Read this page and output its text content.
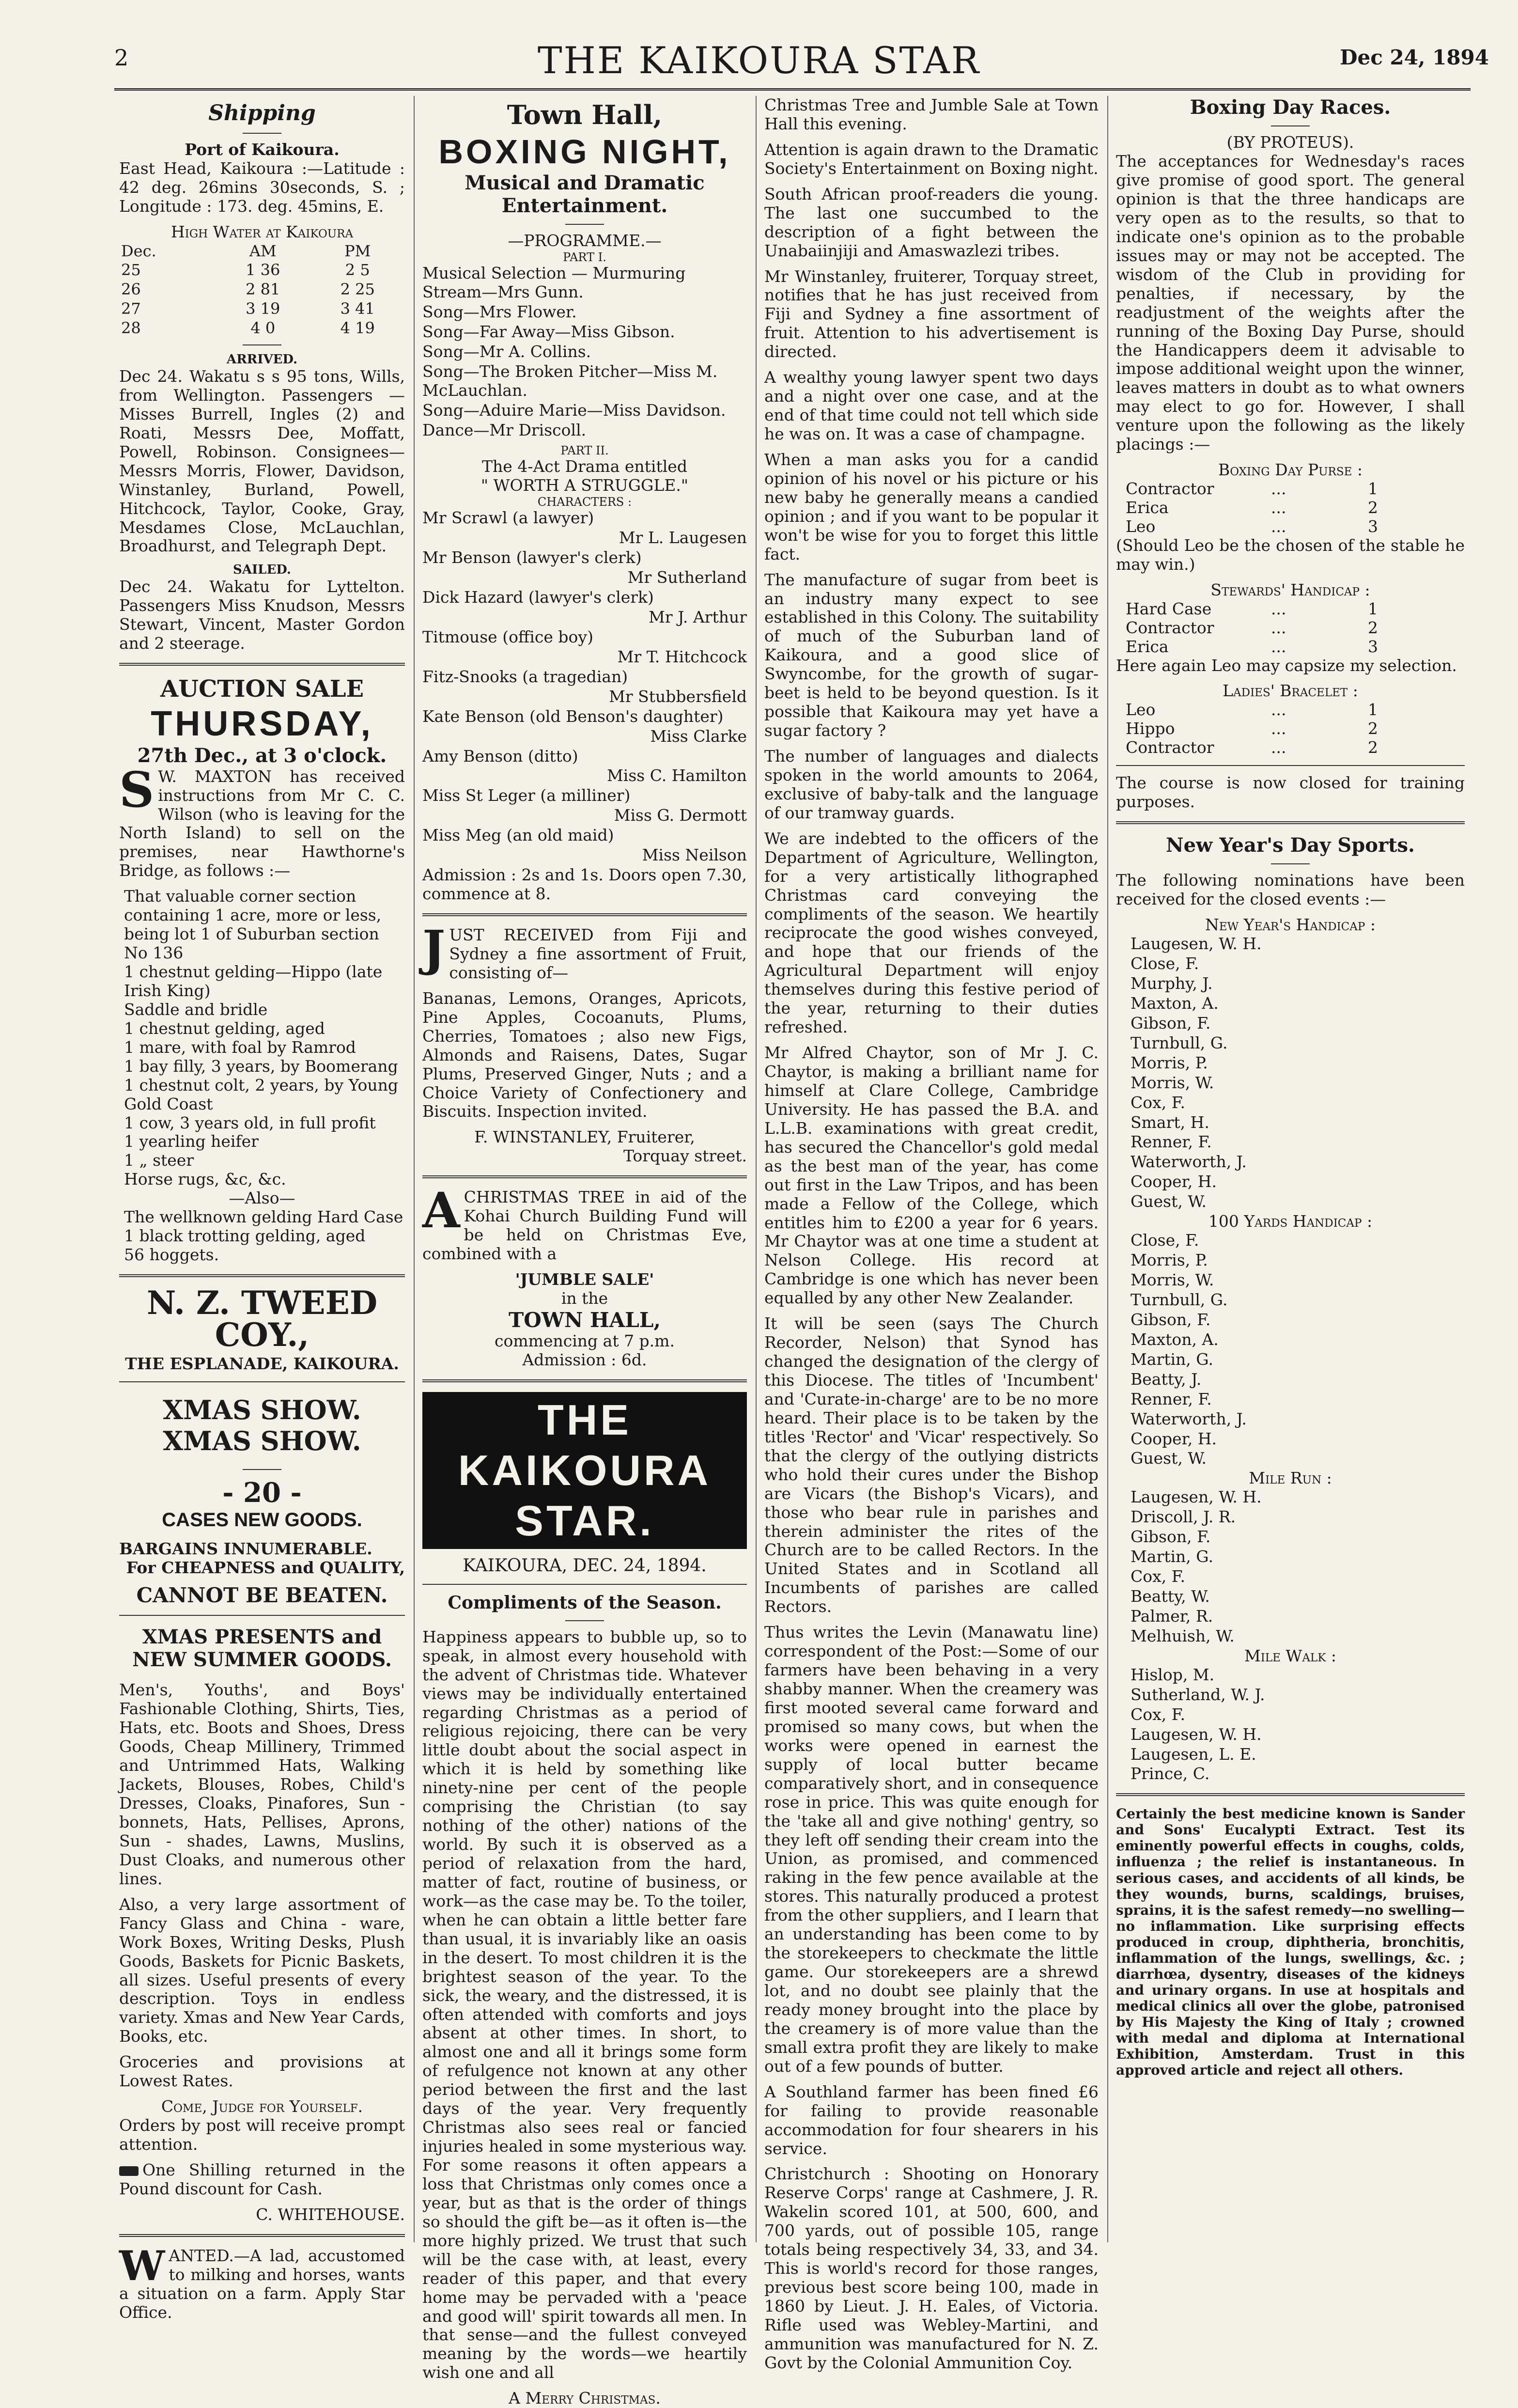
2	THE KAIKOURA STAR	Dec 24, 1894
Shipping
Port of Kaikoura.

East Head, Kaikoura :—Latitude : 42 deg. 26mins 30seconds, S. ; Longitude : 173. deg. 45mins, E.

High Water at Kaikoura
Dec.	AM	PM
25	1 36	2 5
26	2 81	2 25
27	3 19	3 41
28	4 0	4 19
ARRIVED.

Dec 24. Wakatu s s 95 tons, Wills, from Wellington. Passengers — Misses Burrell, Ingles (2) and Roati, Messrs Dee, Moffatt, Powell, Robinson. Consignees—Messrs Morris, Flower, Davidson, Winstanley, Burland, Powell, Hitchcock, Taylor, Cooke, Gray, Mesdames Close, McLauchlan, Broadhurst, and Telegraph Dept.

SAILED.

Dec 24. Wakatu for Lyttelton. Passengers Miss Knudson, Messrs Stewart, Vincent, Master Gordon and 2 steerage.

AUCTION SALE
THURSDAY,
27th Dec., at 3 o'clock.

S W. MAXTON has received instructions from Mr C. C. Wilson (who is leaving for the North Island) to sell on the premises, near Hawthorne's Bridge, as follows :—

That valuable corner section containing 1 acre, more or less, being lot 1 of Suburban section No 136
1 chestnut gelding—Hippo (late Irish King)
Saddle and bridle
1 chestnut gelding, aged
1 mare, with foal by Ramrod
1 bay filly, 3 years, by Boomerang
1 chestnut colt, 2 years, by Young Gold Coast
1 cow, 3 years old, in full profit
1 yearling heifer
1 „ steer
Horse rugs, &c, &c.
—Also—
The wellknown gelding Hard Case
1 black trotting gelding, aged
56 hoggets.
N. Z. TWEED COY.,
THE ESPLANADE, KAIKOURA.
XMAS SHOW. XMAS SHOW.
- 20 -
CASES NEW GOODS.
BARGAINS INNUMERABLE.
For CHEAPNESS and QUALITY,
CANNOT BE BEATEN.
XMAS PRESENTS and NEW SUMMER GOODS.

Men's, Youths', and Boys' Fashionable Clothing, Shirts, Ties, Hats, etc. Boots and Shoes, Dress Goods, Cheap Millinery, Trimmed and Untrimmed Hats, Walking Jackets, Blouses, Robes, Child's Dresses, Cloaks, Pinafores, Sun - bonnets, Hats, Pellises, Aprons, Sun - shades, Lawns, Muslins, Dust Cloaks, and numerous other lines.

Also, a very large assortment of Fancy Glass and China - ware, Work Boxes, Writing Desks, Plush Goods, Baskets for Picnic Baskets, all sizes. Useful presents of every description. Toys in endless variety. Xmas and New Year Cards, Books, etc.

Groceries and provisions at Lowest Rates.

Come, Judge for Yourself.

Orders by post will receive prompt attention.

One Shilling returned in the Pound discount for Cash.

C. WHITEHOUSE.

WANTED.—A lad, accustomed to milking and horses, wants a situation on a farm. Apply Star Office.

Town Hall,
BOXING NIGHT,
Musical and Dramatic Entertainment.
—PROGRAMME.—
PART I.
Musical Selection — Murmuring Stream—Mrs Gunn.
Song—Mrs Flower.
Song—Far Away—Miss Gibson.
Song—Mr A. Collins.
Song—The Broken Pitcher—Miss M. McLauchlan.
Song—Aduire Marie—Miss Davidson.
Dance—Mr Driscoll.
PART II.
The 4-Act Drama entitled
" WORTH A STRUGGLE."
CHARACTERS :
Mr Scrawl (a lawyer)
Mr L. Laugesen
Mr Benson (lawyer's clerk)
Mr Sutherland
Dick Hazard (lawyer's clerk)
Mr J. Arthur
Titmouse (office boy)
Mr T. Hitchcock
Fitz-Snooks (a tragedian)
Mr Stubbersfield
Kate Benson (old Benson's daughter)
Miss Clarke
Amy Benson (ditto)
Miss C. Hamilton
Miss St Leger (a milliner)
Miss G. Dermott
Miss Meg (an old maid)
Miss Neilson

Admission : 2s and 1s. Doors open 7.30, commence at 8.

JUST RECEIVED from Fiji and Sydney a fine assortment of Fruit, consisting of—

Bananas, Lemons, Oranges, Apricots, Pine Apples, Cocoanuts, Plums, Cherries, Tomatoes ; also new Figs, Almonds and Raisens, Dates, Sugar Plums, Preserved Ginger, Nuts ; and a Choice Variety of Confectionery and Biscuits. Inspection invited.

F. WINSTANLEY, Fruiterer,
Torquay street.

ACHRISTMAS TREE in aid of the Kohai Church Building Fund will be held on Christmas Eve, combined with a

'JUMBLE SALE'
in the
TOWN HALL,
commencing at 7 p.m.
Admission : 6d.
THE KAIKOURA STAR.
KAIKOURA, DEC. 24, 1894.
Compliments of the Season.

Happiness appears to bubble up, so to speak, in almost every household with the advent of Christmas tide. Whatever views may be individually entertained regarding Christmas as a period of religious rejoicing, there can be very little doubt about the social aspect in which it is held by something like ninety-nine per cent of the people comprising the Christian (to say nothing of the other) nations of the world. By such it is observed as a period of relaxation from the hard, matter of fact, routine of business, or work—as the case may be. To the toiler, when he can obtain a little better fare than usual, it is invariably like an oasis in the desert. To most children it is the brightest season of the year. To the sick, the weary, and the distressed, it is often attended with comforts and joys absent at other times. In short, to almost one and all it brings some form of refulgence not known at any other period between the first and the last days of the year. Very frequently Christmas also sees real or fancied injuries healed in some mysterious way. For some reasons it often appears a loss that Christmas only comes once a year, but as that is the order of things so should the gift be—as it often is—the more highly prized. We trust that such will be the case with, at least, every reader of this paper, and that every home may be pervaded with a 'peace and good will' spirit towards all men. In that sense—and the fullest conveyed meaning by the words—we heartily wish one and all

A Merry Christmas.

Christmas Tree and Jumble Sale at Town Hall this evening.

Attention is again drawn to the Dramatic Society's Entertainment on Boxing night.

South African proof-readers die young. The last one succumbed to the description of a fight between the Unabaiinjiji and Amaswazlezi tribes.

Mr Winstanley, fruiterer, Torquay street, notifies that he has just received from Fiji and Sydney a fine assortment of fruit. Attention to his advertisement is directed.

A wealthy young lawyer spent two days and a night over one case, and at the end of that time could not tell which side he was on. It was a case of champagne.

When a man asks you for a candid opinion of his novel or his picture or his new baby he generally means a candied opinion ; and if you want to be popular it won't be wise for you to forget this little fact.

The manufacture of sugar from beet is an industry many expect to see established in this Colony. The suitability of much of the Suburban land of Kaikoura, and a good slice of Swyncombe, for the growth of sugar-beet is held to be beyond question. Is it possible that Kaikoura may yet have a sugar factory ?

The number of languages and dialects spoken in the world amounts to 2064, exclusive of baby-talk and the language of our tramway guards.

We are indebted to the officers of the Department of Agriculture, Wellington, for a very artistically lithographed Christmas card conveying the compliments of the season. We heartily reciprocate the good wishes conveyed, and hope that our friends of the Agricultural Department will enjoy themselves during this festive period of the year, returning to their duties refreshed.

Mr Alfred Chaytor, son of Mr J. C. Chaytor, is making a brilliant name for himself at Clare College, Cambridge University. He has passed the B.A. and L.L.B. examinations with great credit, has secured the Chancellor's gold medal as the best man of the year, has come out first in the Law Tripos, and has been made a Fellow of the College, which entitles him to £200 a year for 6 years. Mr Chaytor was at one time a student at Nelson College. His record at Cambridge is one which has never been equalled by any other New Zealander.

It will be seen (says The Church Recorder, Nelson) that Synod has changed the designation of the clergy of this Diocese. The titles of 'Incumbent' and 'Curate-in-charge' are to be no more heard. Their place is to be taken by the titles 'Rector' and 'Vicar' respectively. So that the clergy of the outlying districts who hold their cures under the Bishop are Vicars (the Bishop's Vicars), and those who bear rule in parishes and therein administer the rites of the Church are to be called Rectors. In the United States and in Scotland all Incumbents of parishes are called Rectors.

Thus writes the Levin (Manawatu line) correspondent of the Post:—Some of our farmers have been behaving in a very shabby manner. When the creamery was first mooted several came forward and promised so many cows, but when the works were opened in earnest the supply of local butter became comparatively short, and in consequence rose in price. This was quite enough for the 'take all and give nothing' gentry, so they left off sending their cream into the Union, as promised, and commenced raking in the few pence available at the stores. This naturally produced a protest from the other suppliers, and I learn that an understanding has been come to by the storekeepers to checkmate the little game. Our storekeepers are a shrewd lot, and no doubt see plainly that the ready money brought into the place by the creamery is of more value than the small extra profit they are likely to make out of a few pounds of butter.

A Southland farmer has been fined £6 for failing to provide reasonable accommodation for four shearers in his service.

Christchurch : Shooting on Honorary Reserve Corps' range at Cashmere, J. R. Wakelin scored 101, at 500, 600, and 700 yards, out of possible 105, range totals being respectively 34, 33, and 34. This is world's record for those ranges, previous best score being 100, made in 1860 by Lieut. J. H. Eales, of Victoria. Rifle used was Webley-Martini, and ammunition was manufactured for N. Z. Govt by the Colonial Ammunition Coy.

Boxing Day Races.
(BY PROTEUS).

The acceptances for Wednesday's races give promise of good sport. The general opinion is that the three handicaps are very open as to the results, so that to indicate one's opinion as to the probable issues may or may not be accepted. The wisdom of the Club in providing for penalties, if necessary, by the readjustment of the weights after the running of the Boxing Day Purse, should the Handicappers deem it advisable to impose additional weight upon the winner, leaves matters in doubt as to what owners may elect to go for. However, I shall venture upon the following as the likely placings :—

Boxing Day Purse :
Contractor	...	1
Erica	...	2
Leo	...	3

(Should Leo be the chosen of the stable he may win.)

Stewards' Handicap :
Hard Case	...	1
Contractor	...	2
Erica	...	3

Here again Leo may capsize my selection.

Ladies' Bracelet :
Leo	...	1
Hippo	...	2
Contractor	...	2

The course is now closed for training purposes.

New Year's Day Sports.

The following nominations have been received for the closed events :—

New Year's Handicap :
Laugesen, W. H.
Close, F.
Murphy, J.
Maxton, A.
Gibson, F.
Turnbull, G.
Morris, P.
Morris, W.
Cox, F.
Smart, H.
Renner, F.
Waterworth, J.
Cooper, H.
Guest, W.
100 Yards Handicap :
Close, F.
Morris, P.
Morris, W.
Turnbull, G.
Gibson, F.
Maxton, A.
Martin, G.
Beatty, J.
Renner, F.
Waterworth, J.
Cooper, H.
Guest, W.
Mile Run :
Laugesen, W. H.
Driscoll, J. R.
Gibson, F.
Martin, G.
Cox, F.
Beatty, W.
Palmer, R.
Melhuish, W.
Mile Walk :
Hislop, M.
Sutherland, W. J.
Cox, F.
Laugesen, W. H.
Laugesen, L. E.
Prince, C.

Certainly the best medicine known is Sander and Sons' Eucalypti Extract. Test its eminently powerful effects in coughs, colds, influenza ; the relief is instantaneous. In serious cases, and accidents of all kinds, be they wounds, burns, scaldings, bruises, sprains, it is the safest remedy—no swelling—no inflammation. Like surprising effects produced in croup, diphtheria, bronchitis, inflammation of the lungs, swellings, &c. ; diarrhœa, dysentry, diseases of the kidneys and urinary organs. In use at hospitals and medical clinics all over the globe, patronised by His Majesty the King of Italy ; crowned with medal and diploma at International Exhibition, Amsterdam. Trust in this approved article and reject all others.
